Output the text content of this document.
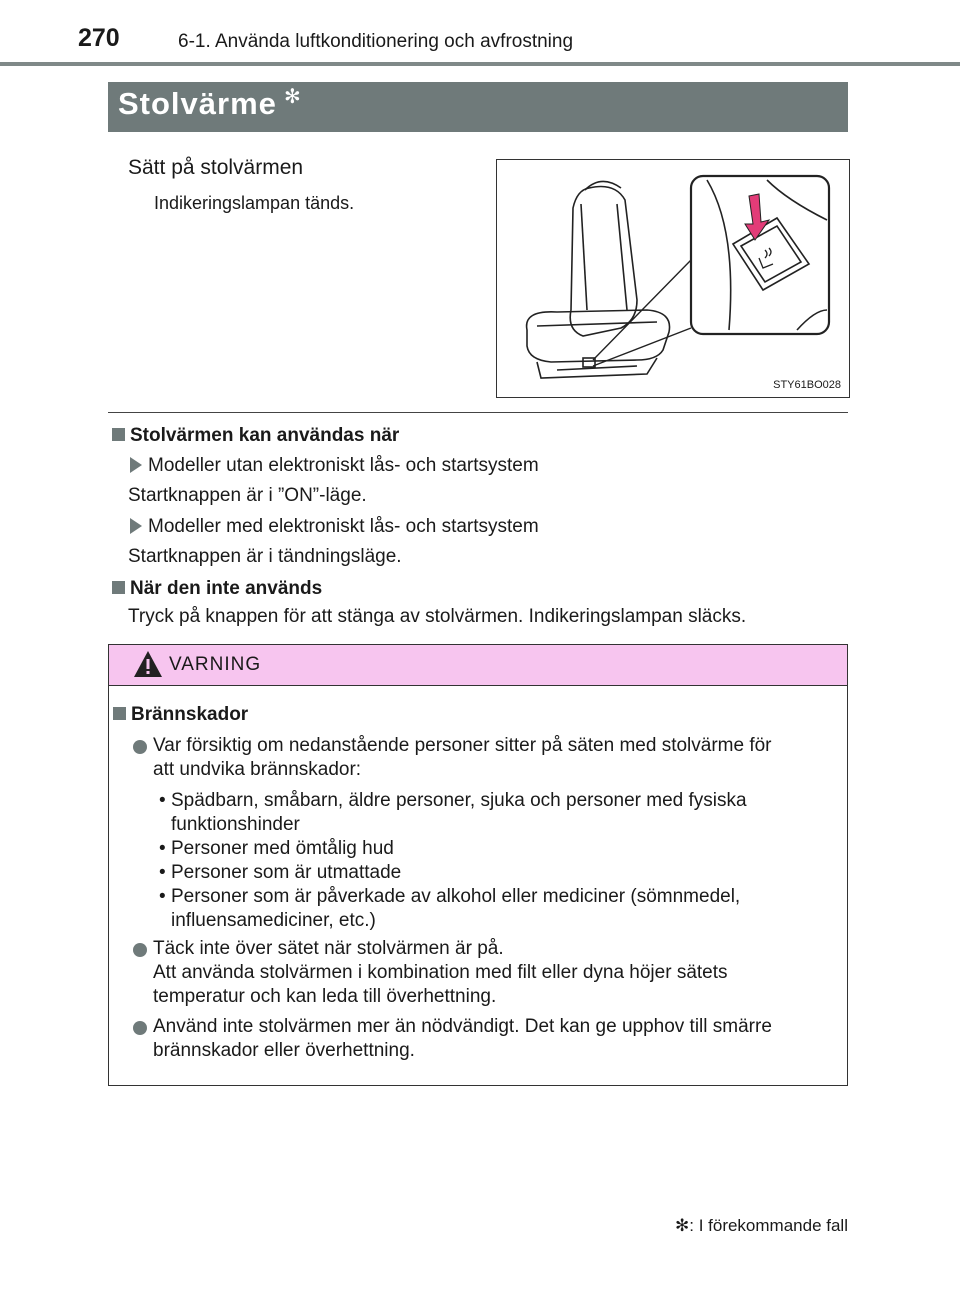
270	6-1. Använda luftkonditionering och avfrostning
Stolvärme ✻
Sätt på stolvärmen
Indikeringslampan tänds.
STY61BO028
Stolvärmen kan användas när
Modeller utan elektroniskt lås- och startsystem
Startknappen är i ”ON”-läge.
Modeller med elektroniskt lås- och startsystem
Startknappen är i tändningsläge.
När den inte används
Tryck på knappen för att stänga av stolvärmen. Indikeringslampan släcks.
VARNING
Brännskador
Var försiktig om nedanstående personer sitter på säten med stolvärme för
att undvika brännskador:
• Spädbarn, småbarn, äldre personer, sjuka och personer med fysiska
funktionshinder
• Personer med ömtålig hud
• Personer som är utmattade
• Personer som är påverkade av alkohol eller mediciner (sömnmedel,
influensamediciner, etc.)
Täck inte över sätet när stolvärmen är på.
Att använda stolvärmen i kombination med filt eller dyna höjer sätets
temperatur och kan leda till överhettning.
Använd inte stolvärmen mer än nödvändigt. Det kan ge upphov till smärre
brännskador eller överhettning.
✻: I förekommande fall
